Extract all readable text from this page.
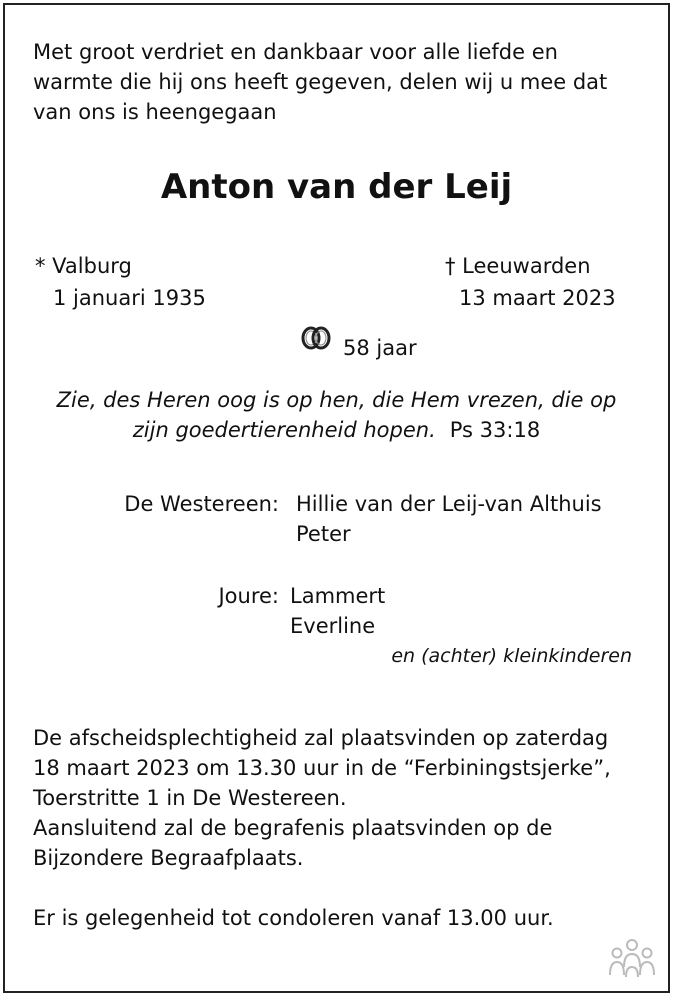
Met groot verdriet en dankbaar voor alle liefde en
warmte die hij ons heeft gegeven, delen wij u mee dat
van ons is heengegaan
Anton van der Leij
* Valburg
1 januari 1935
† Leeuwarden
13 maart 2023
58 jaar
Zie, des Heren oog is op hen, die Hem vrezen, die op
zijn goedertierenheid hopen. Ps 33:18
De Westereen: Hillie van der Leij-van Althuis
Peter
Joure: Lammert
Everline
en (achter) kleinkinderen
De afscheidsplechtigheid zal plaatsvinden op zaterdag
18 maart 2023 om 13.30 uur in de “Ferbiningstsjerke”,
Toerstritte 1 in De Westereen.
Aansluitend zal de begrafenis plaatsvinden op de
Bijzondere Begraafplaats.
Er is gelegenheid tot condoleren vanaf 13.00 uur.
